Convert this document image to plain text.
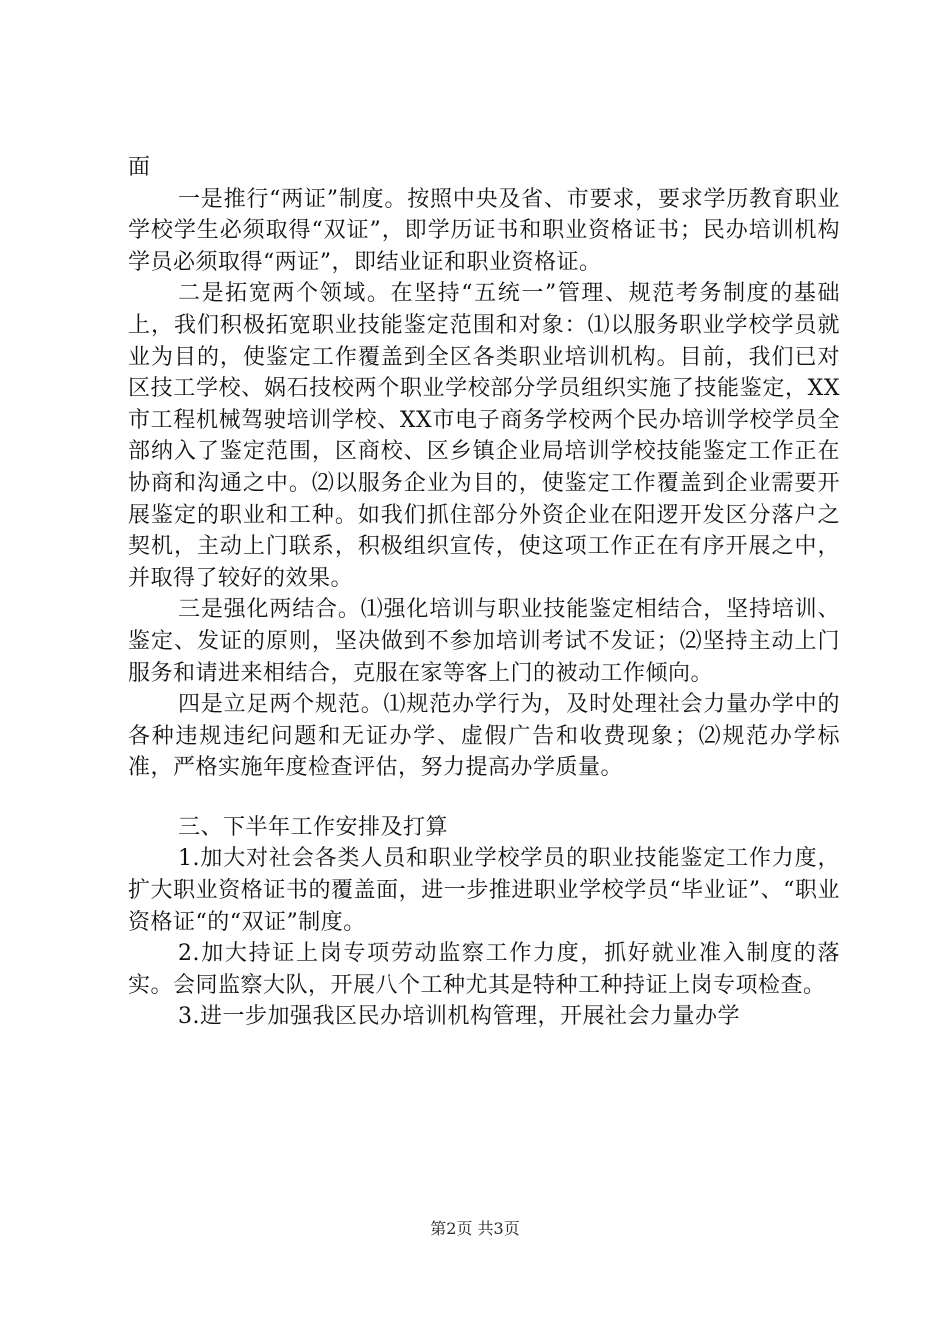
面

一是推行“两证”制度。按照中央及省、市要求，要求学历教育职业学校学生必须取得“双证”，即学历证书和职业资格证书；民办培训机构学员必须取得“两证”，即结业证和职业资格证。

二是拓宽两个领域。在坚持“五统一”管理、规范考务制度的基础上，我们积极拓宽职业技能鉴定范围和对象：⑴以服务职业学校学员就业为目的，使鉴定工作覆盖到全区各类职业培训机构。目前，我们已对区技工学校、娲石技校两个职业学校部分学员组织实施了技能鉴定，XX市工程机械驾驶培训学校、XX市电子商务学校两个民办培训学校学员全部纳入了鉴定范围，区商校、区乡镇企业局培训学校技能鉴定工作正在协商和沟通之中。⑵以服务企业为目的，使鉴定工作覆盖到企业需要开展鉴定的职业和工种。如我们抓住部分外资企业在阳逻开发区分落户之契机，主动上门联系，积极组织宣传，使这项工作正在有序开展之中，并取得了较好的效果。

三是强化两结合。⑴强化培训与职业技能鉴定相结合，坚持培训、鉴定、发证的原则，坚决做到不参加培训考试不发证；⑵坚持主动上门服务和请进来相结合，克服在家等客上门的被动工作倾向。

四是立足两个规范。⑴规范办学行为，及时处理社会力量办学中的各种违规违纪问题和无证办学、虚假广告和收费现象；⑵规范办学标准，严格实施年度检查评估，努力提高办学质量。

三、下半年工作安排及打算

1.加大对社会各类人员和职业学校学员的职业技能鉴定工作力度，扩大职业资格证书的覆盖面，进一步推进职业学校学员“毕业证”、“职业资格证“的“双证”制度。

2.加大持证上岗专项劳动监察工作力度，抓好就业准入制度的落实。会同监察大队，开展八个工种尤其是特种工种持证上岗专项检查。

3.进一步加强我区民办培训机构管理，开展社会力量办学

第2页 共3页
